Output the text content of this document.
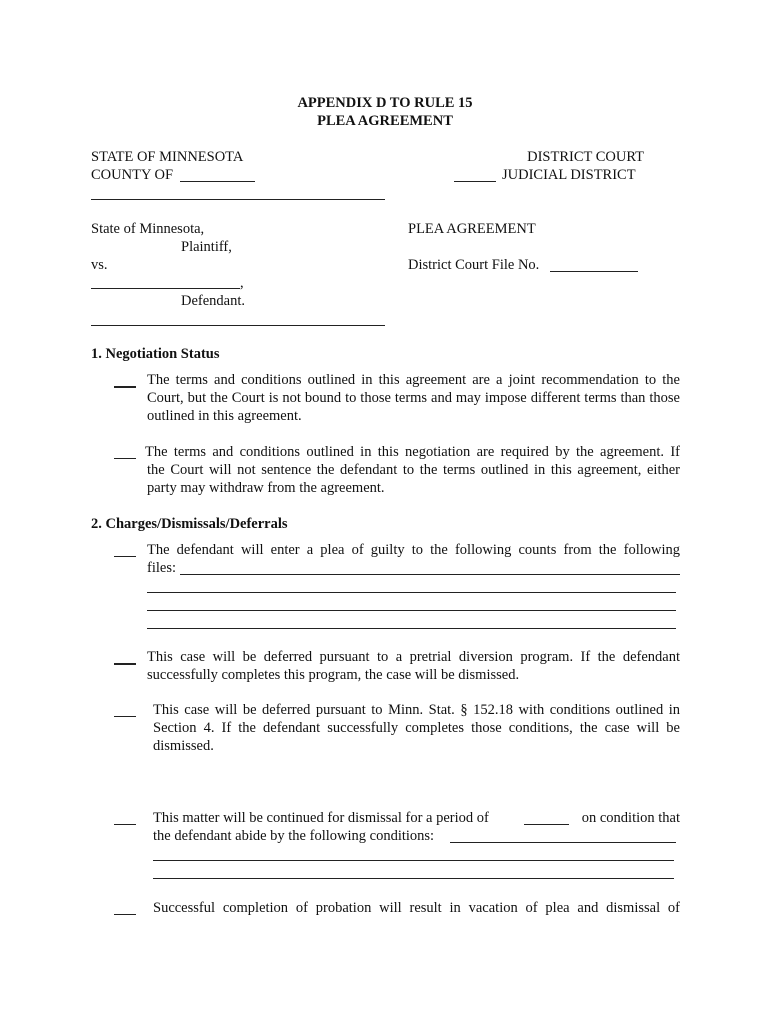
APPENDIX D TO RULE 15
PLEA AGREEMENT
STATE OF MINNESOTA
COUNTY OF
DISTRICT COURT
JUDICIAL DISTRICT
State of Minnesota,
Plaintiff,
vs.
,
Defendant.
PLEA AGREEMENT
District Court File No.
1. Negotiation Status
The terms and conditions outlined in this agreement are a joint recommendation to the Court, but the Court is not bound to those terms and may impose different terms than those outlined in this agreement.
The terms and conditions outlined in this negotiation are required by the agreement. If
the Court will not sentence the defendant to the terms outlined in this agreement, either party may withdraw from the agreement.
2. Charges/Dismissals/Deferrals
The defendant will enter a plea of guilty to the following counts from the following
files:
This case will be deferred pursuant to a pretrial diversion program. If the defendant successfully completes this program, the case will be dismissed.
This case will be deferred pursuant to Minn. Stat. § 152.18 with conditions outlined in Section 4. If the defendant successfully completes those conditions, the case will be dismissed.
This matter will be continued for dismissal for a period of	on condition that
the defendant abide by the following conditions:
Successful completion of probation will result in vacation of plea and dismissal of
